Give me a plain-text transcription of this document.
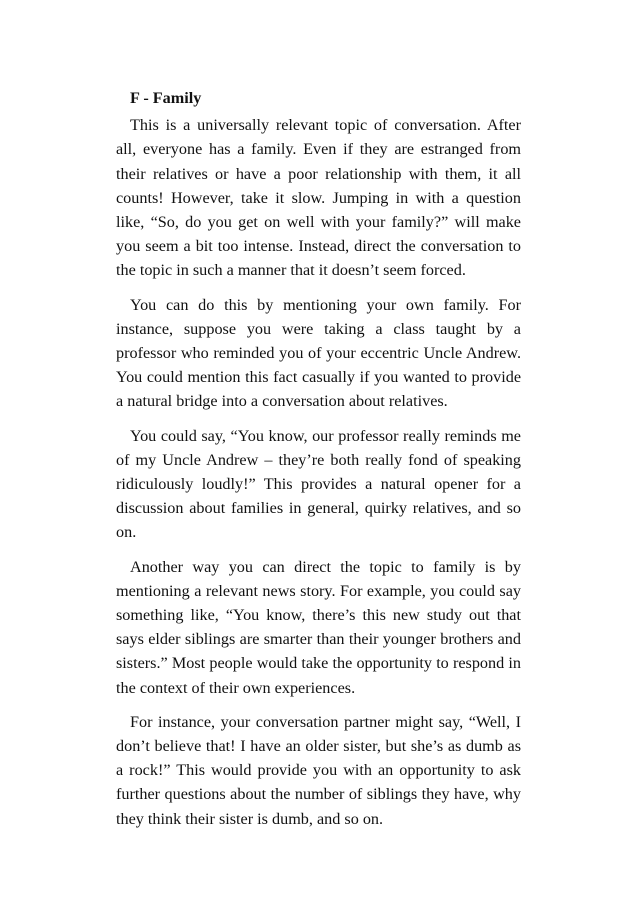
F - Family

This is a universally relevant topic of conversation. After all, everyone has a family. Even if they are estranged from their relatives or have a poor relationship with them, it all counts! However, take it slow. Jumping in with a question like, “So, do you get on well with your family?” will make you seem a bit too intense. Instead, direct the conversation to the topic in such a manner that it doesn’t seem forced.

You can do this by mentioning your own family. For instance, suppose you were taking a class taught by a professor who reminded you of your eccentric Uncle Andrew. You could mention this fact casually if you wanted to provide a natural bridge into a conversation about relatives.

You could say, “You know, our professor really reminds me of my Uncle Andrew – they’re both really fond of speaking ridiculously loudly!” This provides a natural opener for a discussion about families in general, quirky relatives, and so on.

Another way you can direct the topic to family is by mentioning a relevant news story. For example, you could say something like, “You know, there’s this new study out that says elder siblings are smarter than their younger brothers and sisters.” Most people would take the opportunity to respond in the context of their own experiences.

For instance, your conversation partner might say, “Well, I don’t believe that! I have an older sister, but she’s as dumb as a rock!” This would provide you with an opportunity to ask further questions about the number of siblings they have, why they think their sister is dumb, and so on.
